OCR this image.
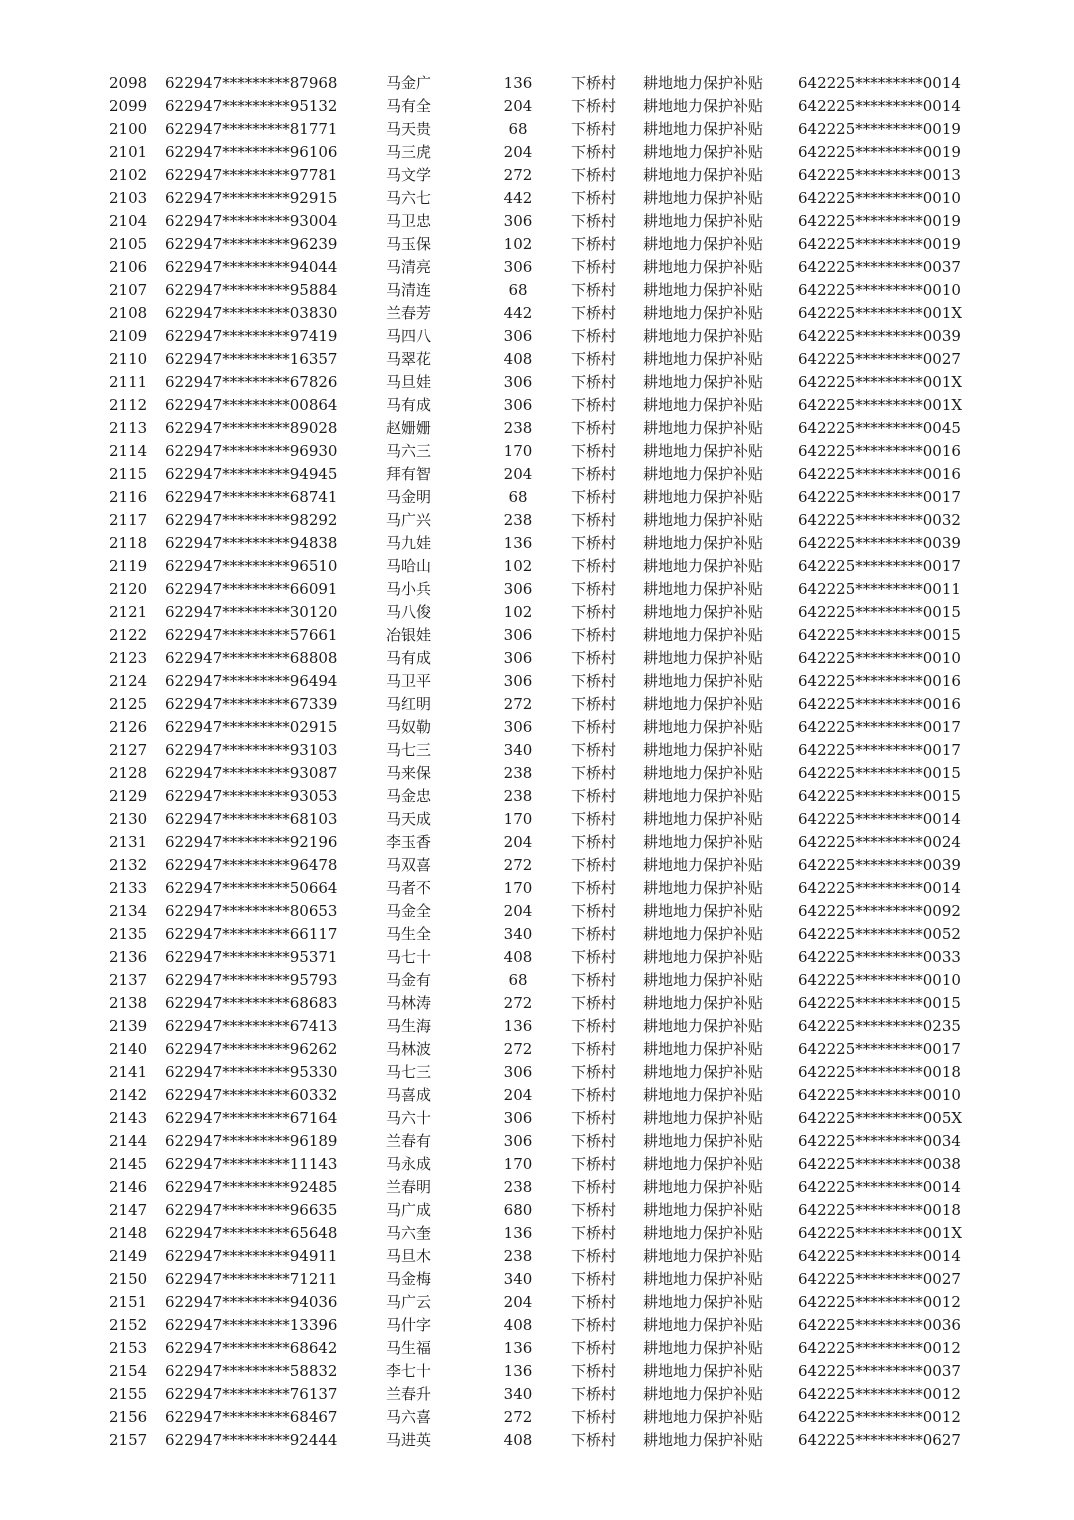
2098	622947*********87968	马金广	136	下桥村	耕地地力保护补贴	642225*********0014
2099	622947*********95132	马有全	204	下桥村	耕地地力保护补贴	642225*********0014
2100	622947*********81771	马天贵	68	下桥村	耕地地力保护补贴	642225*********0019
2101	622947*********96106	马三虎	204	下桥村	耕地地力保护补贴	642225*********0019
2102	622947*********97781	马文学	272	下桥村	耕地地力保护补贴	642225*********0013
2103	622947*********92915	马六七	442	下桥村	耕地地力保护补贴	642225*********0010
2104	622947*********93004	马卫忠	306	下桥村	耕地地力保护补贴	642225*********0019
2105	622947*********96239	马玉保	102	下桥村	耕地地力保护补贴	642225*********0019
2106	622947*********94044	马清亮	306	下桥村	耕地地力保护补贴	642225*********0037
2107	622947*********95884	马清连	68	下桥村	耕地地力保护补贴	642225*********0010
2108	622947*********03830	兰春芳	442	下桥村	耕地地力保护补贴	642225*********001X
2109	622947*********97419	马四八	306	下桥村	耕地地力保护补贴	642225*********0039
2110	622947*********16357	马翠花	408	下桥村	耕地地力保护补贴	642225*********0027
2111	622947*********67826	马旦娃	306	下桥村	耕地地力保护补贴	642225*********001X
2112	622947*********00864	马有成	306	下桥村	耕地地力保护补贴	642225*********001X
2113	622947*********89028	赵姗姗	238	下桥村	耕地地力保护补贴	642225*********0045
2114	622947*********96930	马六三	170	下桥村	耕地地力保护补贴	642225*********0016
2115	622947*********94945	拜有智	204	下桥村	耕地地力保护补贴	642225*********0016
2116	622947*********68741	马金明	68	下桥村	耕地地力保护补贴	642225*********0017
2117	622947*********98292	马广兴	238	下桥村	耕地地力保护补贴	642225*********0032
2118	622947*********94838	马九娃	136	下桥村	耕地地力保护补贴	642225*********0039
2119	622947*********96510	马哈山	102	下桥村	耕地地力保护补贴	642225*********0017
2120	622947*********66091	马小兵	306	下桥村	耕地地力保护补贴	642225*********0011
2121	622947*********30120	马八俊	102	下桥村	耕地地力保护补贴	642225*********0015
2122	622947*********57661	冶银娃	306	下桥村	耕地地力保护补贴	642225*********0015
2123	622947*********68808	马有成	306	下桥村	耕地地力保护补贴	642225*********0010
2124	622947*********96494	马卫平	306	下桥村	耕地地力保护补贴	642225*********0016
2125	622947*********67339	马红明	272	下桥村	耕地地力保护补贴	642225*********0016
2126	622947*********02915	马奴勒	306	下桥村	耕地地力保护补贴	642225*********0017
2127	622947*********93103	马七三	340	下桥村	耕地地力保护补贴	642225*********0017
2128	622947*********93087	马来保	238	下桥村	耕地地力保护补贴	642225*********0015
2129	622947*********93053	马金忠	238	下桥村	耕地地力保护补贴	642225*********0015
2130	622947*********68103	马天成	170	下桥村	耕地地力保护补贴	642225*********0014
2131	622947*********92196	李玉香	204	下桥村	耕地地力保护补贴	642225*********0024
2132	622947*********96478	马双喜	272	下桥村	耕地地力保护补贴	642225*********0039
2133	622947*********50664	马者不	170	下桥村	耕地地力保护补贴	642225*********0014
2134	622947*********80653	马金全	204	下桥村	耕地地力保护补贴	642225*********0092
2135	622947*********66117	马生全	340	下桥村	耕地地力保护补贴	642225*********0052
2136	622947*********95371	马七十	408	下桥村	耕地地力保护补贴	642225*********0033
2137	622947*********95793	马金有	68	下桥村	耕地地力保护补贴	642225*********0010
2138	622947*********68683	马林涛	272	下桥村	耕地地力保护补贴	642225*********0015
2139	622947*********67413	马生海	136	下桥村	耕地地力保护补贴	642225*********0235
2140	622947*********96262	马林波	272	下桥村	耕地地力保护补贴	642225*********0017
2141	622947*********95330	马七三	306	下桥村	耕地地力保护补贴	642225*********0018
2142	622947*********60332	马喜成	204	下桥村	耕地地力保护补贴	642225*********0010
2143	622947*********67164	马六十	306	下桥村	耕地地力保护补贴	642225*********005X
2144	622947*********96189	兰春有	306	下桥村	耕地地力保护补贴	642225*********0034
2145	622947*********11143	马永成	170	下桥村	耕地地力保护补贴	642225*********0038
2146	622947*********92485	兰春明	238	下桥村	耕地地力保护补贴	642225*********0014
2147	622947*********96635	马广成	680	下桥村	耕地地力保护补贴	642225*********0018
2148	622947*********65648	马六奎	136	下桥村	耕地地力保护补贴	642225*********001X
2149	622947*********94911	马旦木	238	下桥村	耕地地力保护补贴	642225*********0014
2150	622947*********71211	马金梅	340	下桥村	耕地地力保护补贴	642225*********0027
2151	622947*********94036	马广云	204	下桥村	耕地地力保护补贴	642225*********0012
2152	622947*********13396	马什字	408	下桥村	耕地地力保护补贴	642225*********0036
2153	622947*********68642	马生福	136	下桥村	耕地地力保护补贴	642225*********0012
2154	622947*********58832	李七十	136	下桥村	耕地地力保护补贴	642225*********0037
2155	622947*********76137	兰春升	340	下桥村	耕地地力保护补贴	642225*********0012
2156	622947*********68467	马六喜	272	下桥村	耕地地力保护补贴	642225*********0012
2157	622947*********92444	马进英	408	下桥村	耕地地力保护补贴	642225*********0627
